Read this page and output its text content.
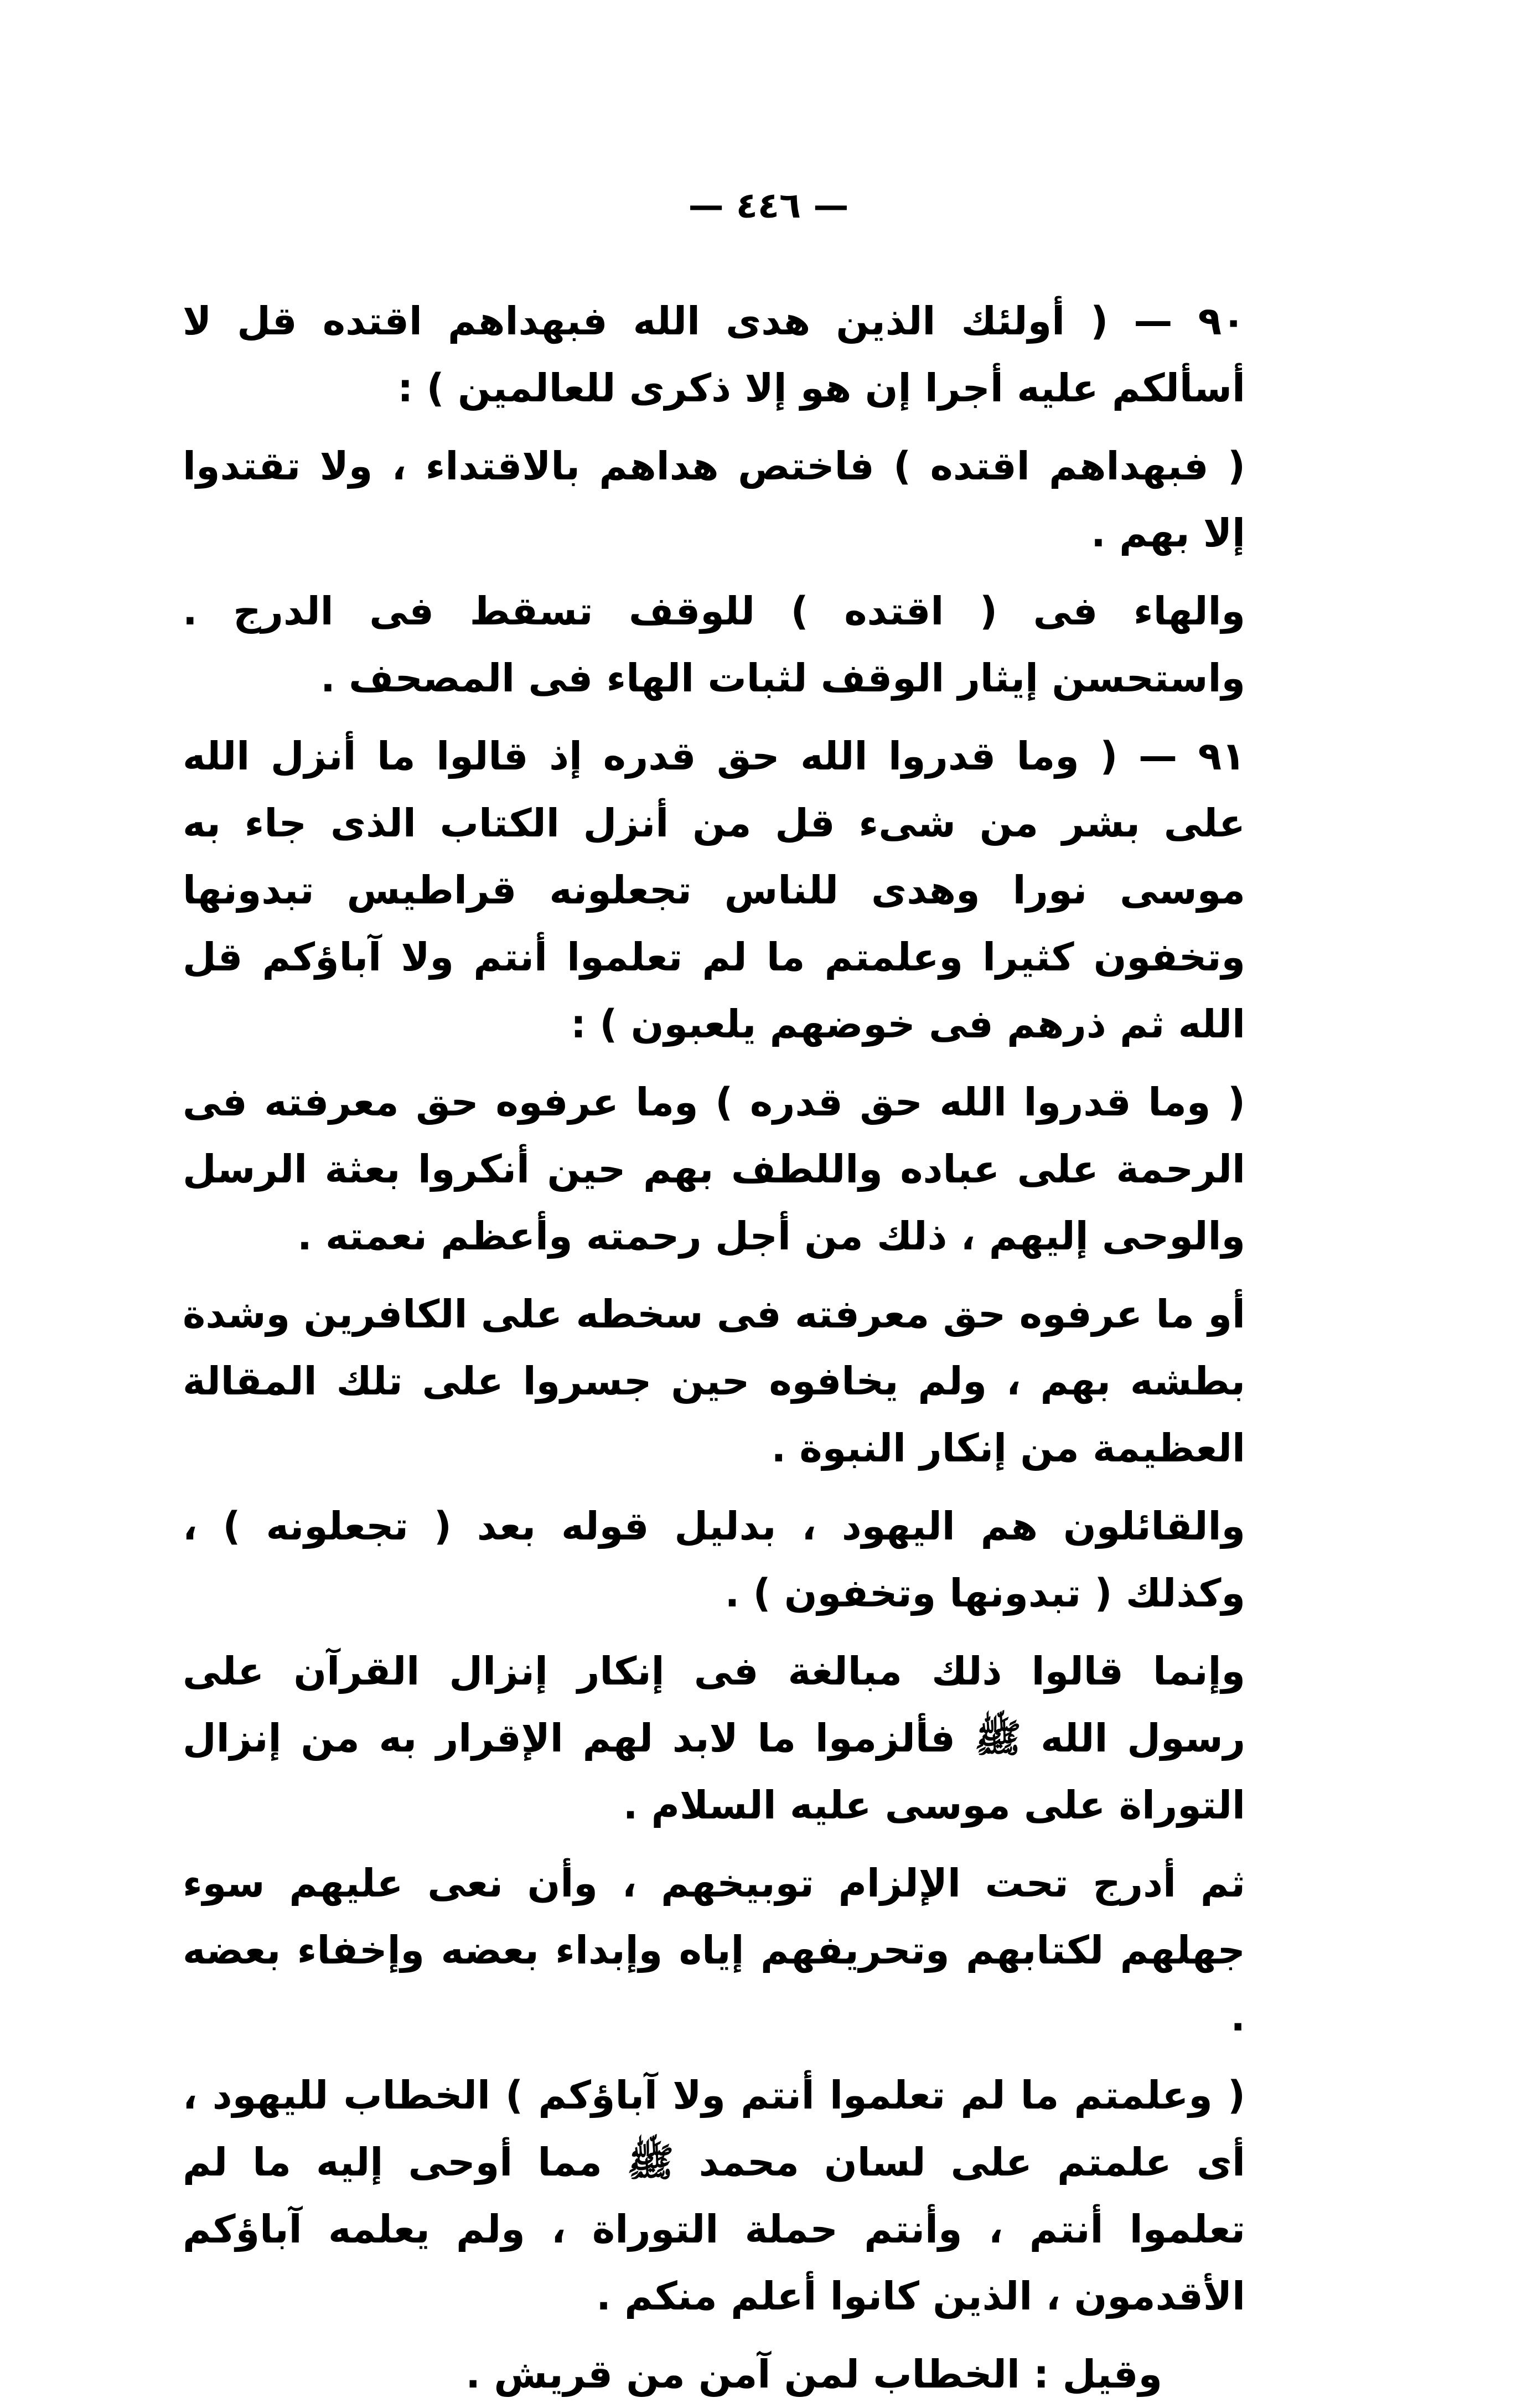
— ٤٤٦ —

٩٠ — ( أولئك الذين هدى الله فبهداهم اقتده قل لا أسألكم عليه أجرا إن هو إلا ذكرى للعالمين ) :

( فبهداهم اقتده ) فاختص هداهم بالاقتداء ، ولا تقتدوا إلا بهم .

والهاء فى ( اقتده ) للوقف تسقط فى الدرج . واستحسن إيثار الوقف لثبات الهاء فى المصحف .

٩١ — ( وما قدروا الله حق قدره إذ قالوا ما أنزل الله على بشر من شىء قل من أنزل الكتاب الذى جاء به موسى نورا وهدى للناس تجعلونه قراطيس تبدونها وتخفون كثيرا وعلمتم ما لم تعلموا أنتم ولا آباؤكم قل الله ثم ذرهم فى خوضهم يلعبون ) :

( وما قدروا الله حق قدره ) وما عرفوه حق معرفته فى الرحمة على عباده واللطف بهم حين أنكروا بعثة الرسل والوحى إليهم ، ذلك من أجل رحمته وأعظم نعمته .

أو ما عرفوه حق معرفته فى سخطه على الكافرين وشدة بطشه بهم ، ولم يخافوه حين جسروا على تلك المقالة العظيمة من إنكار النبوة .

والقائلون هم اليهود ، بدليل قوله بعد ( تجعلونه ) ، وكذلك ( تبدونها وتخفون ) .

وإنما قالوا ذلك مبالغة فى إنكار إنزال القرآن على رسول الله ﷺ فألزموا ما لابد لهم الإقرار به من إنزال التوراة على موسى عليه السلام .

ثم أدرج تحت الإلزام توبيخهم ، وأن نعى عليهم سوء جهلهم لكتابهم وتحريفهم إياه وإبداء بعضه وإخفاء بعضه .

( وعلمتم ما لم تعلموا أنتم ولا آباؤكم ) الخطاب لليهود ، أى علمتم على لسان محمد ﷺ مما أوحى إليه ما لم تعلموا أنتم ، وأنتم حملة التوراة ، ولم يعلمه آباؤكم الأقدمون ، الذين كانوا أعلم منكم .

وقيل : الخطاب لمن آمن من قريش .
